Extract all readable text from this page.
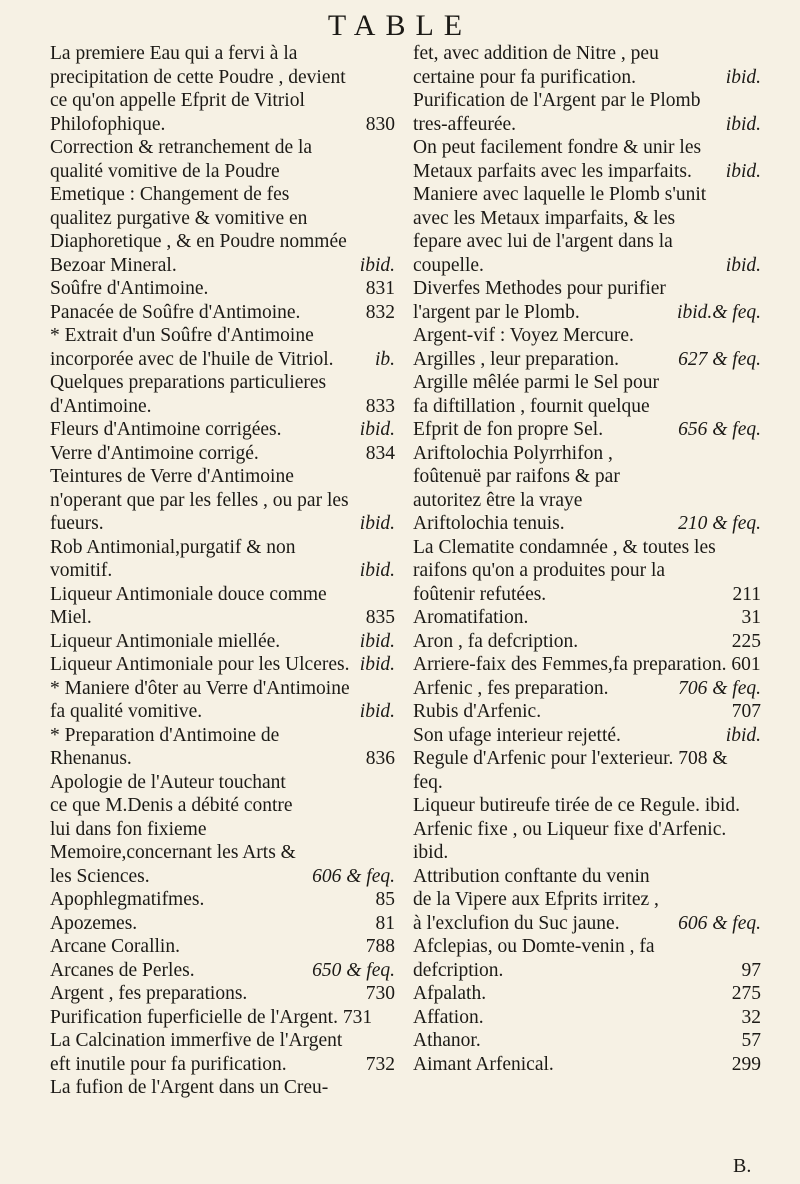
TABLE

La premiere Eau qui a fervi à la precipitation de cette Poudre , devient ce qu'on appelle Efprit de Vitriol Philofophique.	830

Correction & retranchement de la qualité vomitive de la Poudre Emetique : Changement de fes qualitez purgative & vomitive en Diaphoretique , & en Poudre nommée Bezoar Mineral.	ibid.

Soûfre d'Antimoine.	831

Panacée de Soûfre d'Antimoine.	832

* Extrait d'un Soûfre d'Antimoine incorporée avec de l'huile de Vitriol.	ib.

Quelques preparations particulieres d'Antimoine.	833

Fleurs d'Antimoine corrigées.	ibid.

Verre d'Antimoine corrigé.	834

Teintures de Verre d'Antimoine n'operant que par les felles , ou par les fueurs.	ibid.

Rob Antimonial,purgatif & non vomitif.	ibid.

Liqueur Antimoniale douce comme Miel.	835

Liqueur Antimoniale miellée.	ibid.

Liqueur Antimoniale pour les Ulceres. ibid.

* Maniere d'ôter au Verre d'Antimoine fa qualité vomitive.	ibid.

* Preparation d'Antimoine de Rhenanus.	836

Apologie de l'Auteur touchant ce que M.Denis a débité contre lui dans fon fixieme Memoire,concernant les Arts & les Sciences.	606 & feq.

Apophlegmatifmes.	85

Apozemes.	81

Arcane Corallin.	788

Arcanes de Perles.	650 & feq.

Argent , fes preparations.	730

Purification fuperficielle de l'Argent. 731

La Calcination immerfive de l'Argent eft inutile pour fa purification.	732

La fufion de l'Argent dans un Creu-

fet, avec addition de Nitre , peu certaine pour fa purification.	ibid.

Purification de l'Argent par le Plomb tres-affeurée.	ibid.

On peut facilement fondre & unir les Metaux parfaits avec les imparfaits.	ibid.

Maniere avec laquelle le Plomb s'unit avec les Metaux imparfaits, & les fepare avec lui de l'argent dans la coupelle.	ibid.

Diverfes Methodes pour purifier l'argent par le Plomb.	ibid.& feq.

Argent-vif : Voyez Mercure.

Argilles , leur preparation.	627 & feq.

Argille mêlée parmi le Sel pour fa diftillation , fournit quelque Efprit de fon propre Sel.	656 & feq.

Ariftolochia Polyrrhifon , foûtenuë par raifons & par autoritez être la vraye Ariftolochia tenuis.	210 & feq.

La Clematite condamnée , & toutes les raifons qu'on a produites pour la foûtenir refutées.	211

Aromatifation.	31

Aron , fa defcription.	225

Arriere-faix des Femmes,fa preparation. 601

Arfenic , fes preparation.	706 & feq.

Rubis d'Arfenic.	707

Son ufage interieur rejetté.	ibid.

Regule d'Arfenic pour l'exterieur. 708 & feq.

Liqueur butireufe tirée de ce Regule. ibid.

Arfenic fixe , ou Liqueur fixe d'Arfenic. ibid.

Attribution conftante du venin de la Vipere aux Efprits irritez , à l'exclufion du Suc jaune.	606 & feq.

Afclepias, ou Domte-venin , fa defcription.	97

Afpalath.	275

Affation.	32

Athanor.	57

Aimant Arfenical.	299

B.
